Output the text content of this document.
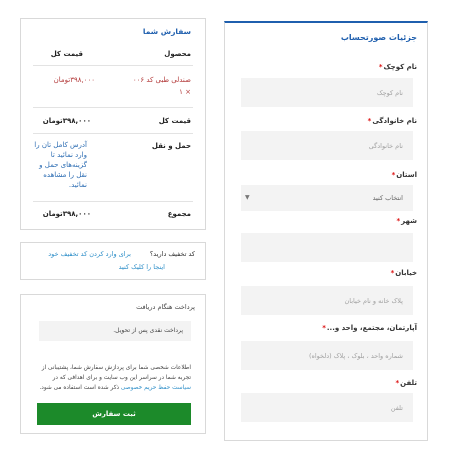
جزئیات صورتحساب
نام کوچک*
نام کوچک
نام خانوادگی*
نام خانوادگی
استان*
انتخاب کنید
▼
شهر*
خیابان*
پلاک خانه و نام خیابان
آپارتمان، مجتمع، واحد و...*
شماره واحد ، بلوک ، پلاک (دلخواه)
تلفن*
تلفن
سفارش شما
محصول
قیمت کل
صندلی طبی کد ۰۰۶
× ۱
۳۹۸,۰۰۰تومان
قیمت کل
۳۹۸,۰۰۰تومان
حمل و نقل
آدرس کامل تان را وارد نمائید تا گزینه‌های حمل و نقل را مشاهده نمائید.
مجموع
۳۹۸,۰۰۰تومان
کد تخفیف دارید؟
برای وارد کردن کد تخفیف خود
اینجا را کلیک کنید
پرداخت هنگام دریافت
پرداخت نقدی پس از تحویل.

اطلاعات شخصی شما برای پردازش سفارش شما، پشتیبانی از تجربه شما در سراسر این وب سایت و برای اهدافی که در سیاست حفظ حریم خصوصی ذکر شده است استفاده می شود.

ثبت سفارش
